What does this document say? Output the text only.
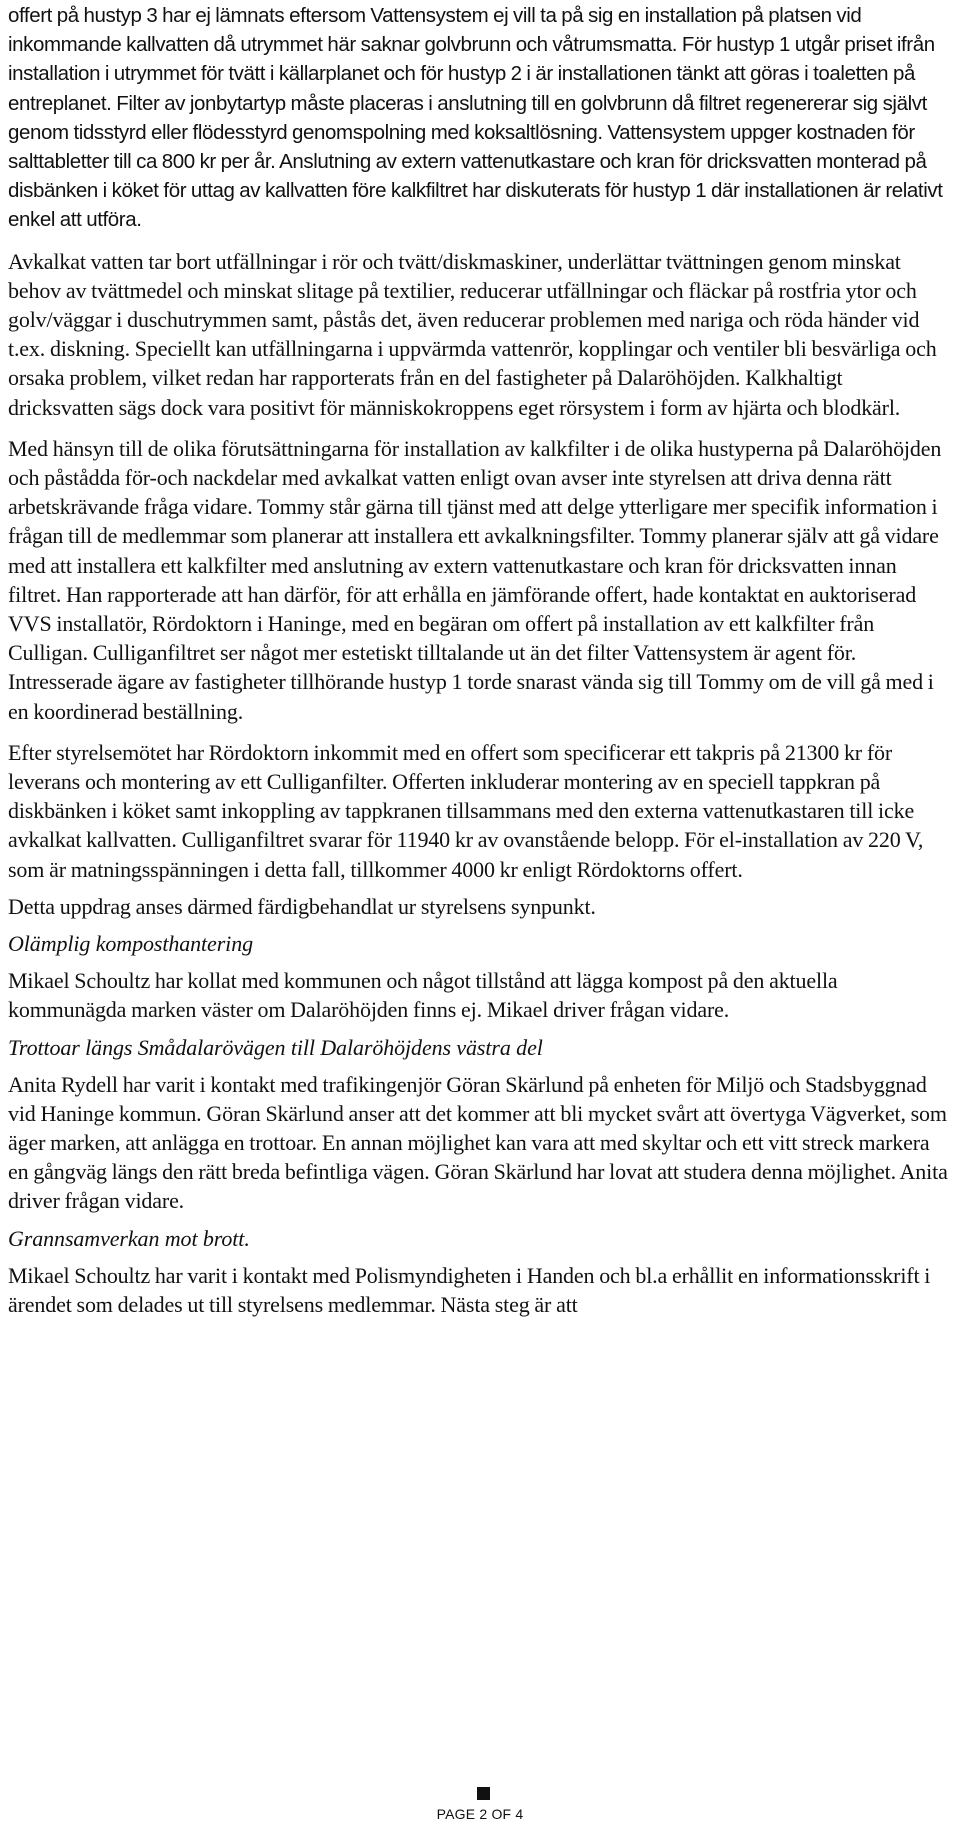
offert på hustyp 3 har ej lämnats eftersom Vattensystem ej vill ta på sig en installation på platsen vid inkommande kallvatten då utrymmet här saknar golvbrunn och våtrumsmatta. För hustyp 1 utgår priset ifrån installation i utrymmet för tvätt i källarplanet och för hustyp 2 i är installationen tänkt att göras i toaletten på entreplanet. Filter av jonbytartyp måste placeras i anslutning till en golvbrunn då filtret regenererar sig självt genom tidsstyrd eller flödesstyrd genomspolning med koksaltlösning. Vattensystem uppger kostnaden för salttabletter till ca 800 kr per år. Anslutning av extern vattenutkastare och kran för dricksvatten monterad på disbänken i köket för uttag av kallvatten före kalkfiltret har diskuterats för hustyp 1 där installationen är relativt enkel att utföra.

Avkalkat vatten tar bort utfällningar i rör och tvätt/diskmaskiner, underlättar tvättningen genom minskat behov av tvättmedel och minskat slitage på textilier, reducerar utfällningar och fläckar på rostfria ytor och golv/väggar i duschutrymmen samt, påstås det, även reducerar problemen med nariga och röda händer vid t.ex. diskning. Speciellt kan utfällningarna i uppvärmda vattenrör, kopplingar och ventiler bli besvärliga och orsaka problem, vilket redan har rapporterats från en del fastigheter på Dalaröhöjden. Kalkhaltigt dricksvatten sägs dock vara positivt för människokroppens eget rörsystem i form av hjärta och blodkärl.

Med hänsyn till de olika förutsättningarna för installation av kalkfilter i de olika hustyperna på Dalaröhöjden och påstådda för-och nackdelar med avkalkat vatten enligt ovan avser inte styrelsen att driva denna rätt arbetskrävande fråga vidare. Tommy står gärna till tjänst med att delge ytterligare mer specifik information i frågan till de medlemmar som planerar att installera ett avkalkningsfilter. Tommy planerar själv att gå vidare med att installera ett kalkfilter med anslutning av extern vattenutkastare och kran för dricksvatten innan filtret. Han rapporterade att han därför, för att erhålla en jämförande offert, hade kontaktat en auktoriserad VVS installatör, Rördoktorn i Haninge, med en begäran om offert på installation av ett kalkfilter från Culligan. Culliganfiltret ser något mer estetiskt tilltalande ut än det filter Vattensystem är agent för. Intresserade ägare av fastigheter tillhörande hustyp 1 torde snarast vända sig till Tommy om de vill gå med i en koordinerad beställning.

Efter styrelsemötet har Rördoktorn inkommit med en offert som specificerar ett takpris på 21300 kr för leverans och montering av ett Culliganfilter. Offerten inkluderar montering av en speciell tappkran på diskbänken i köket samt inkoppling av tappkranen tillsammans med den externa vattenutkastaren till icke avkalkat kallvatten. Culliganfiltret svarar för 11940 kr av ovanstående belopp. För el-installation av 220 V, som är matningsspänningen i detta fall, tillkommer 4000 kr enligt Rördoktorns offert.

Detta uppdrag anses därmed färdigbehandlat ur styrelsens synpunkt.

Olämplig komposthantering

Mikael Schoultz har kollat med kommunen och något tillstånd att lägga kompost på den aktuella kommunägda marken väster om Dalaröhöjden finns ej. Mikael driver frågan vidare.

Trottoar längs Smådalarövägen till Dalaröhöjdens västra del

Anita Rydell har varit i kontakt med trafikingenjör Göran Skärlund på enheten för Miljö och Stadsbyggnad vid Haninge kommun. Göran Skärlund anser att det kommer att bli mycket svårt att övertyga Vägverket, som äger marken, att anlägga en trottoar. En annan möjlighet kan vara att med skyltar och ett vitt streck markera en gångväg längs den rätt breda befintliga vägen. Göran Skärlund har lovat att studera denna möjlighet. Anita driver frågan vidare.

Grannsamverkan mot brott.

Mikael Schoultz har varit i kontakt med Polismyndigheten i Handen och bl.a erhållit en informationsskrift i ärendet som delades ut till styrelsens medlemmar. Nästa steg är att

PAGE 2 OF 4
